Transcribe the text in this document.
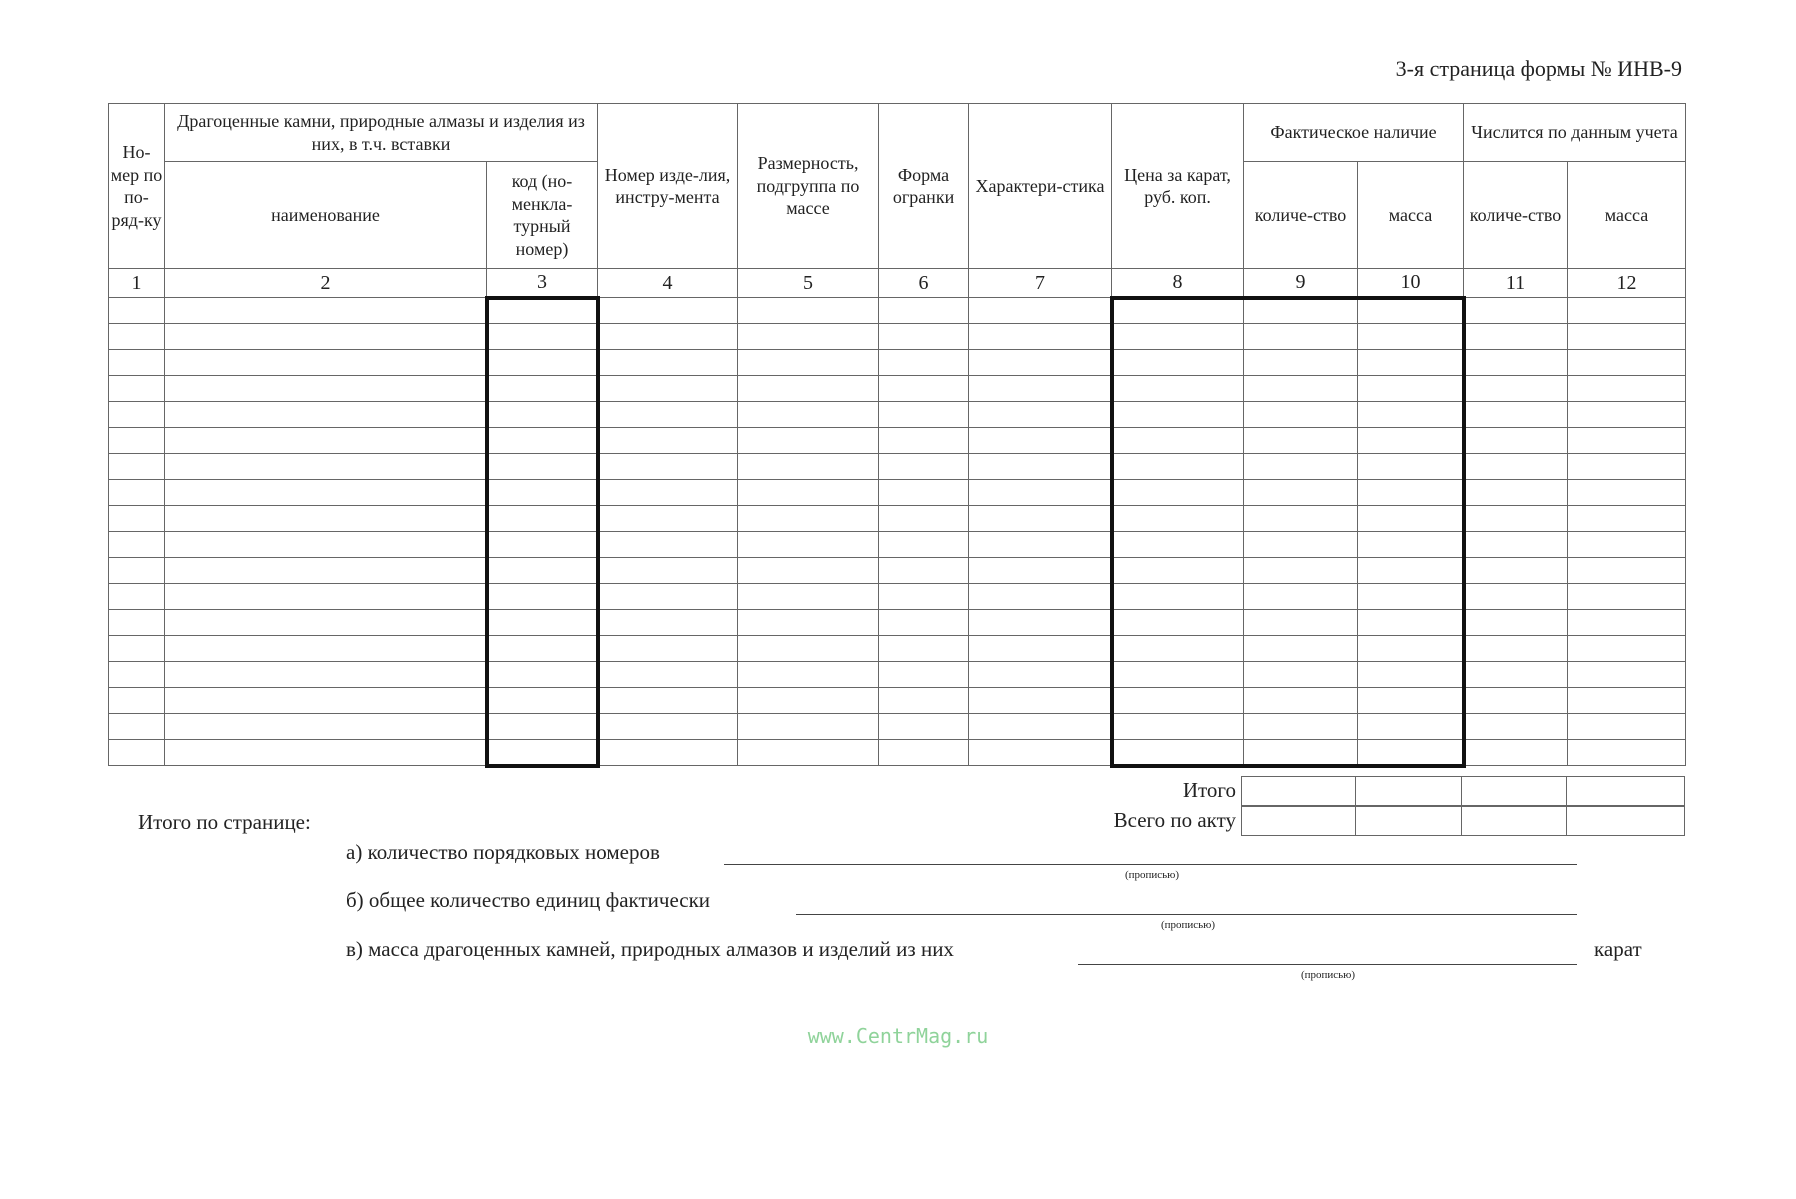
3-я страница формы № ИНВ-9
Но-мер по по-ряд-ку	Драгоценные камни, природные алмазы и изделия из них, в т.ч. вставки		Номер изде-лия, инстру-мента	Размерность, подгруппа по массе	Форма огранки	Характери-стика	Цена за карат, руб. коп.	Фактическое наличие		Числится по данным учета	
	наименование	код (но-менкла-турный номер)						количе-ство	масса	количе-ство	масса
1	2	3	4	5	6	7	8	9	10	11	12

Итого

Всего по акту
Итого по странице:
а) количество порядковых номеров
(прописью)
б) общее количество единиц фактически
(прописью)
в) масса драгоценных камней, природных алмазов и изделий из них
(прописью)
карат
www.CentrMag.ru
